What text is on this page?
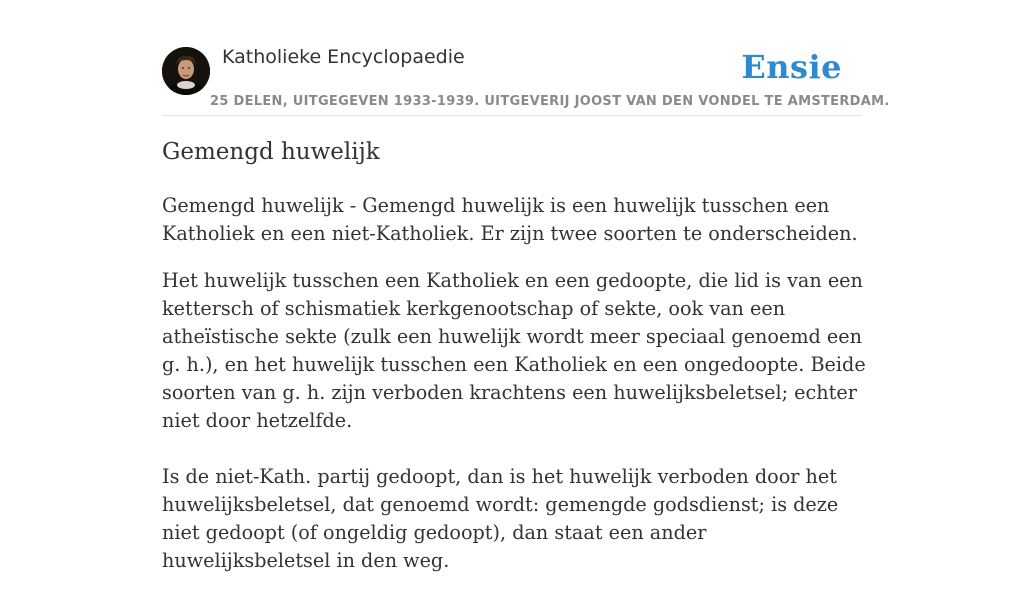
Katholieke Encyclopaedie	Ensie
25 DELEN, UITGEGEVEN 1933-1939. UITGEVERIJ JOOST VAN DEN VONDEL TE AMSTERDAM.
Gemengd huwelijk

Gemengd huwelijk - Gemengd huwelijk is een huwelijk tusschen een Katholiek en een niet-Katholiek. Er zijn twee soorten te onderscheiden.

Het huwelijk tusschen een Katholiek en een gedoopte, die lid is van een kettersch of schismatiek kerkgenootschap of sekte, ook van een atheïstische sekte (zulk een huwelijk wordt meer speciaal genoemd een g. h.), en het huwelijk tusschen een Katholiek en een ongedoopte. Beide soorten van g. h. zijn verboden krachtens een huwelijksbeletsel; echter niet door hetzelfde.

Is de niet-Kath. partij gedoopt, dan is het huwelijk verboden door het huwelijksbeletsel, dat genoemd wordt: gemengde godsdienst; is deze niet gedoopt (of ongeldig gedoopt), dan staat een ander huwelijksbeletsel in den weg.
